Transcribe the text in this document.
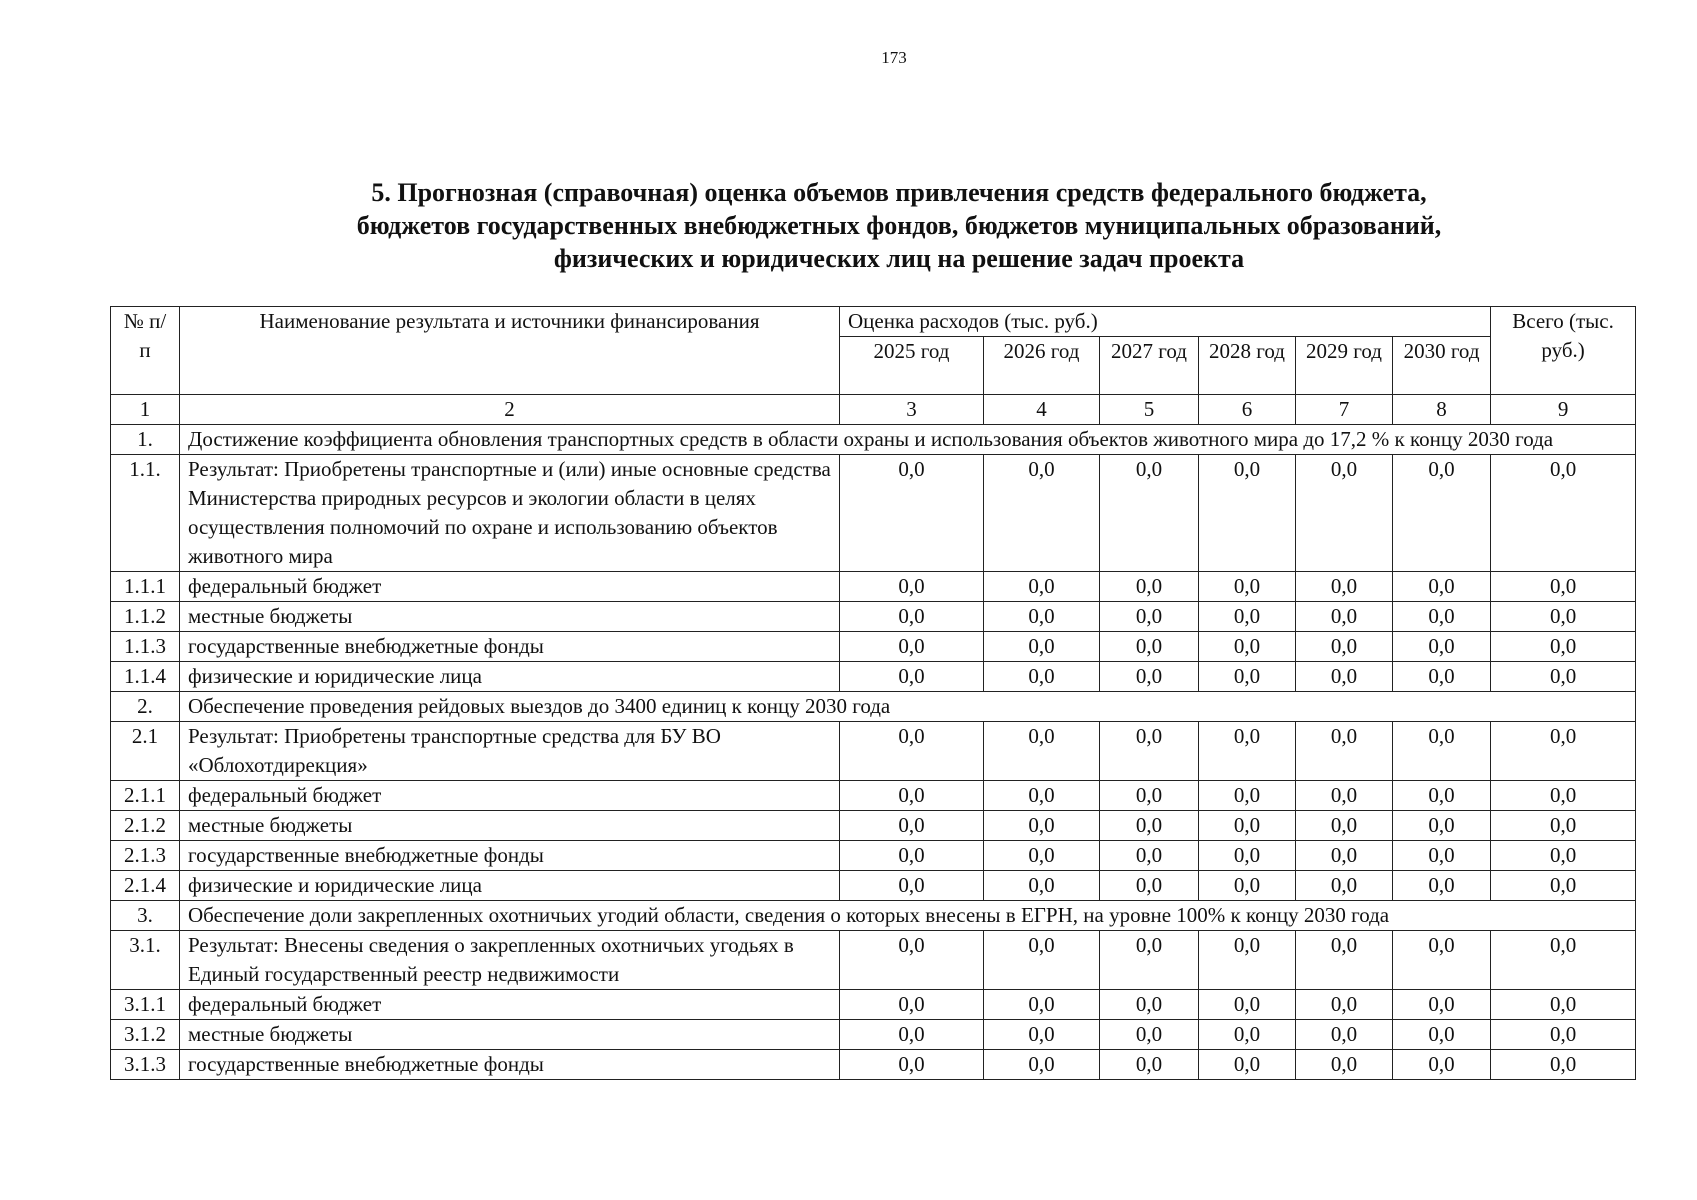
173
5. Прогнозная (справочная) оценка объемов привлечения средств федерального бюджета,
бюджетов государственных внебюджетных фондов, бюджетов муниципальных образований,
физических и юридических лиц на решение задач проекта
№ п/п	Наименование результата и источники финансирования	Оценка расходов (тыс. руб.)						Всего (тыс. руб.)
		2025 год	2026 год	2027 год	2028 год	2029 год	2030 год	
1	2	3	4	5	6	7	8	9
1.	Достижение коэффициента обновления транспортных средств в области охраны и использования объектов животного мира до 17,2 % к концу 2030 года							
1.1.	Результат: Приобретены транспортные и (или) иные основные средства Министерства природных ресурсов и экологии области в целях осуществления полномочий по охране и использованию объектов животного мира	0,0	0,0	0,0	0,0	0,0	0,0	0,0
1.1.1	федеральный бюджет	0,0	0,0	0,0	0,0	0,0	0,0	0,0
1.1.2	местные бюджеты	0,0	0,0	0,0	0,0	0,0	0,0	0,0
1.1.3	государственные внебюджетные фонды	0,0	0,0	0,0	0,0	0,0	0,0	0,0
1.1.4	физические и юридические лица	0,0	0,0	0,0	0,0	0,0	0,0	0,0
2.	Обеспечение проведения рейдовых выездов до 3400 единиц к концу 2030 года							
2.1	Результат: Приобретены транспортные средства для БУ ВО «Облохотдирекция»	0,0	0,0	0,0	0,0	0,0	0,0	0,0
2.1.1	федеральный бюджет	0,0	0,0	0,0	0,0	0,0	0,0	0,0
2.1.2	местные бюджеты	0,0	0,0	0,0	0,0	0,0	0,0	0,0
2.1.3	государственные внебюджетные фонды	0,0	0,0	0,0	0,0	0,0	0,0	0,0
2.1.4	физические и юридические лица	0,0	0,0	0,0	0,0	0,0	0,0	0,0
3.	Обеспечение доли закрепленных охотничьих угодий области, сведения о которых внесены в ЕГРН, на уровне 100% к концу 2030 года							
3.1.	Результат: Внесены сведения о закрепленных охотничьих угодьях в Единый государственный реестр недвижимости	0,0	0,0	0,0	0,0	0,0	0,0	0,0
3.1.1	федеральный бюджет	0,0	0,0	0,0	0,0	0,0	0,0	0,0
3.1.2	местные бюджеты	0,0	0,0	0,0	0,0	0,0	0,0	0,0
3.1.3	государственные внебюджетные фонды	0,0	0,0	0,0	0,0	0,0	0,0	0,0
